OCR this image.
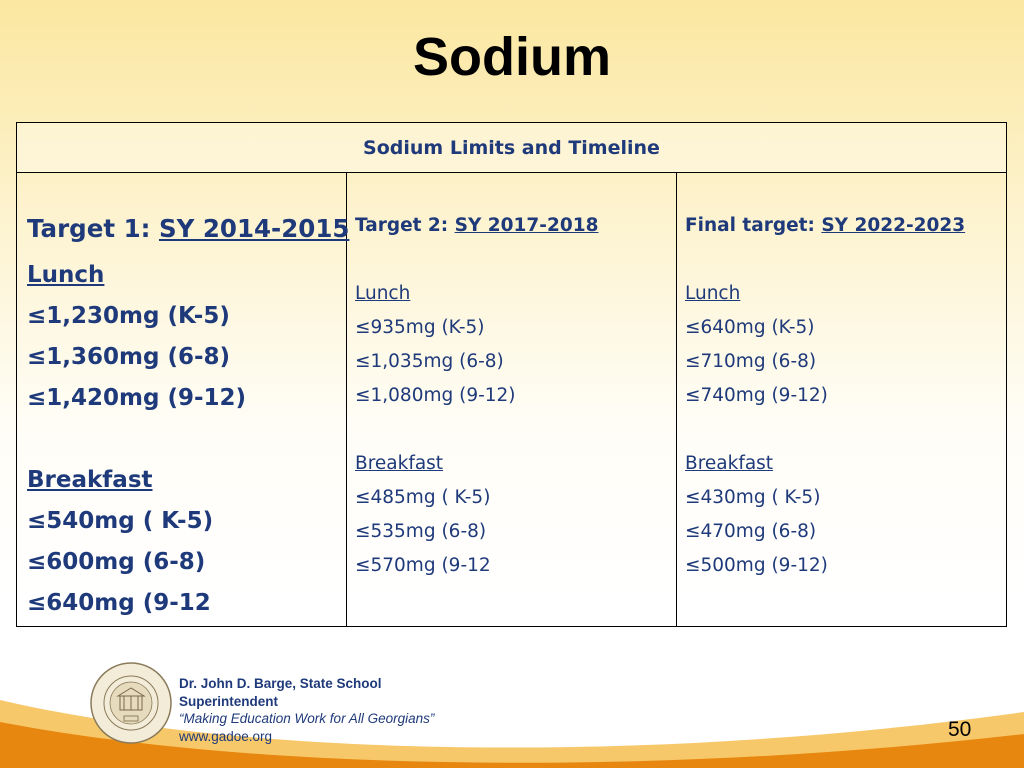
Sodium
Sodium Limits and Timeline

Target 1: SY 2014-2015
Lunch
≤1,230mg (K-5)
≤1,360mg (6-8)
≤1,420mg (9-12)
Breakfast
≤540mg ( K-5)
≤600mg (6-8)
≤640mg (9-12

Target 2: SY 2017-2018
Lunch
≤935mg (K-5)
≤1,035mg (6-8)
≤1,080mg (9-12)
Breakfast
≤485mg ( K-5)
≤535mg (6-8)
≤570mg (9-12

Final target: SY 2022-2023
Lunch
≤640mg (K-5)
≤710mg (6-8)
≤740mg (9-12)
Breakfast
≤430mg ( K-5)
≤470mg (6-8)
≤500mg (9-12)
Dr. John D. Barge, State School Superintendent
“Making Education Work for All Georgians”
www.gadoe.org	50
